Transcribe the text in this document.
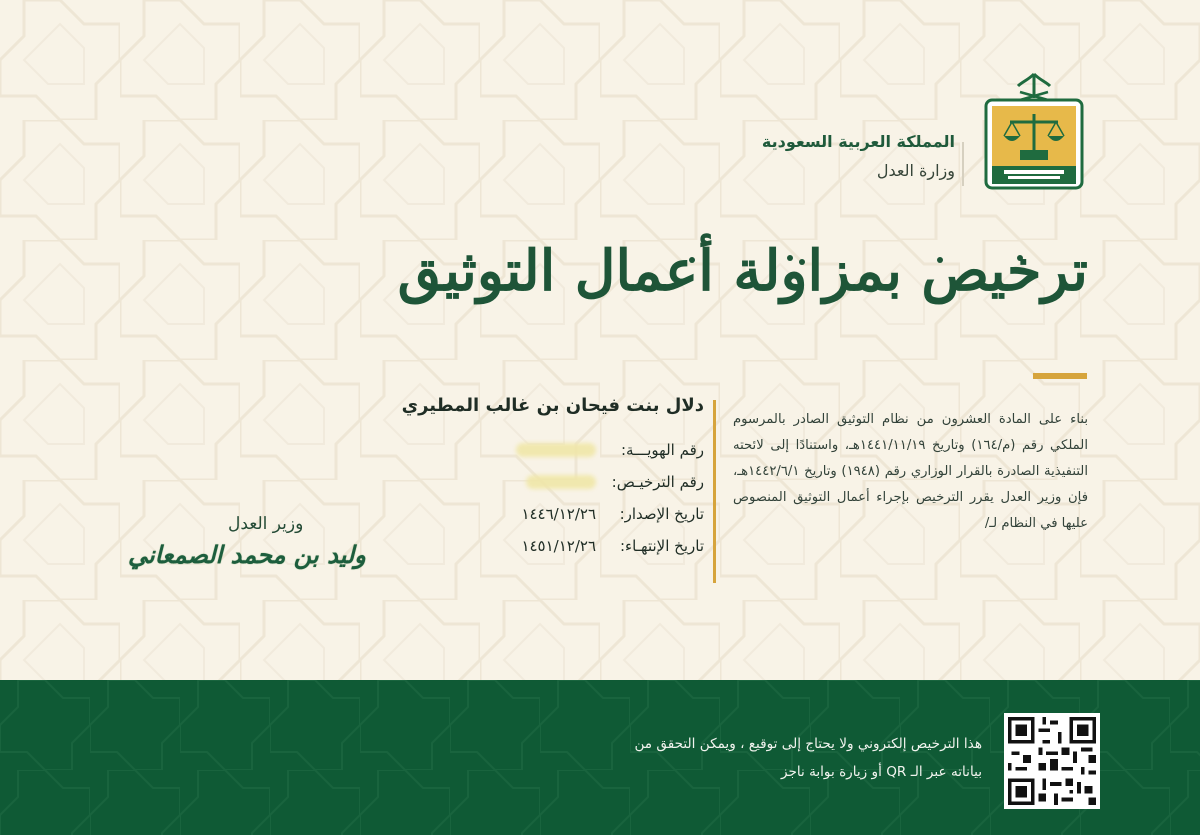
المملكة العربية السعودية
وزارة العدل
ترخيص بمزاولة أعمال التوثيق
بناء على المادة العشرون من نظام التوثيق الصادر بالمرسوم الملكي رقم (م/١٦٤) وتاريخ ١٤٤١/١١/١٩هـ، واستنادًا إلى لائحته التنفيذية الصادرة بالقرار الوزاري رقم (١٩٤٨) وتاريخ ١٤٤٢/٦/١هـ، فإن وزير العدل يقرر الترخيص بإجراء أعمال التوثيق المنصوص عليها في النظام لـ/
دلال بنت فيحان بن غالب المطيري
رقم الهويـــة:
رقم الترخيـص:
تاريخ الإصدار:
١٤٤٦/١٢/٢٦
تاريخ الإنتهـاء:
١٤٥١/١٢/٢٦
وزير العدل
وليد بن محمد الصمعاني
هذا الترخيص إلكتروني ولا يحتاج إلى توقيع ، ويمكن التحقق من
بياناته عبر الـ QR أو زيارة بوابة ناجز
